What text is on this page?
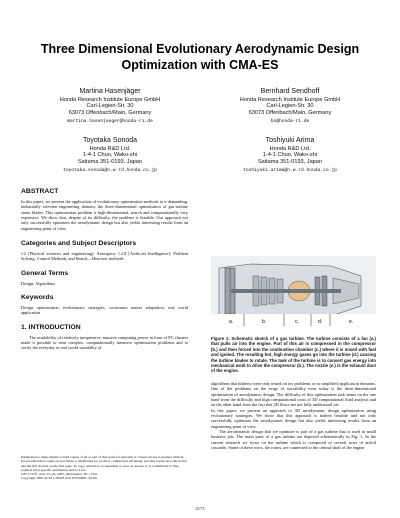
Three Dimensional Evolutionary Aerodynamic Design
Optimization with CMA-ES
Martina Hasenjäger
Honda Research Institute Europe GmbH
Carl-Legien-Str. 30
63073 Offenbach/Main, Germany
martina.hasenjaeger@honda-ri.de
Bernhard Sendhoff
Honda Research Institute Europe GmbH
Carl-Legien-Str. 30
63073 Offenbach/Main, Germany
bs@honda-ri.de
Toyotaka Sonoda
Honda R&D Ltd.
1-4-1 Chuo, Wako-shi
Saitama 351-0193, Japan
toyotaka.sonoda@n.w.rd.honda.co.jp
Toshiyuki Arima
Honda R&D Ltd.
1-4-1 Chuo, Wako-shi
Saitama 351-0193, Japan
toshiyuki.arima@n.w.rd.honda.co.jp
ABSTRACT

In this paper, we present the application of evolutionary optimization methods to a demanding, industrially relevant engineering domain, the three-dimensional optimization of gas-turbine stator blades. This optimization problem is high-dimensional, search and computationally very expensive. We show that, despite of its difficulty, the problem is feasible. Our approach not only successfully optimizes the aerodynamic design but also yields interesting results from an engineering point of view.

Categories and Subject Descriptors

J.2 [Physical sciences and engineering]: Aerospace; I.2.8 [Artificial Intelligence]: Problem Solving, Control Methods, and Search—Heuristic methods

General Terms

Design, Algorithms

Keywords

Design optimization, evolutionary strategies, covariance matrix adaptation, real world application

1. INTRODUCTION

The availability of relatively inexpensive, massive computing power in form of PC clusters made it possible to treat complex, computationally intensive optimization problems and to verify the everyday or real world suitability of

Permission to make digital or hard copies of all or part of this work for personal or classroom use is granted without fee provided that copies are not made or distributed for profit or commercial advantage and that copies bear this notice and the full citation on the first page. To copy otherwise, to republish, to post on servers or to redistribute to lists, requires prior specific permission and/or a fee.

GECCO'05, June 25–29, 2005, Washington, DC, USA.

Copyright 2005 ACM 1-59593-010-8/05/0006...$5.00.

a.	b.	c.	d.	e.

Figure 1: Schematic sketch of a gas turbine. The turbine consists of a fan (a.) that pulls air into the engine. Part of this air is compressed in the compressor (b.) and then forced into the combustion chamber (c.) where it is mixed with fuel and ignited. The resulting hot, high energy gases go into the turbine (d.) causing the turbine blades to rotate. The task of the turbine is to convert gas energy into mechanical work to drive the compressor (b.). The nozzle (e.) is the exhaust duct of the engine.

algorithms that hitherto were only tested on toy problems or in simplified application domains.

One of the problems on the verge of tractability even today is the three-dimensional optimization of aerodynamic design. The difficulty of this optimization task stems on the one hand from the difficulty and high computational costs of 3D computational fluid analysis and on the other hand from the fact that 3D flows are not fully understood yet.

In this paper, we present an approach to 3D aerodynamic design optimization using evolutionary strategies. We show that this approach is indeed feasible and not only successfully optimizes the aerodynamic design but also yields interesting results from an engineering point of view.

The aerodynamic design that we optimize is part of a gas turbine that is used in small business jets. The main parts of a gas turbine are depicted schematically in Fig. 1. In the current research we focus on the turbine which is composed of several rows of airfoil cascades. Some of these rows, the rotors, are connected to the central shaft of the engine

2173
